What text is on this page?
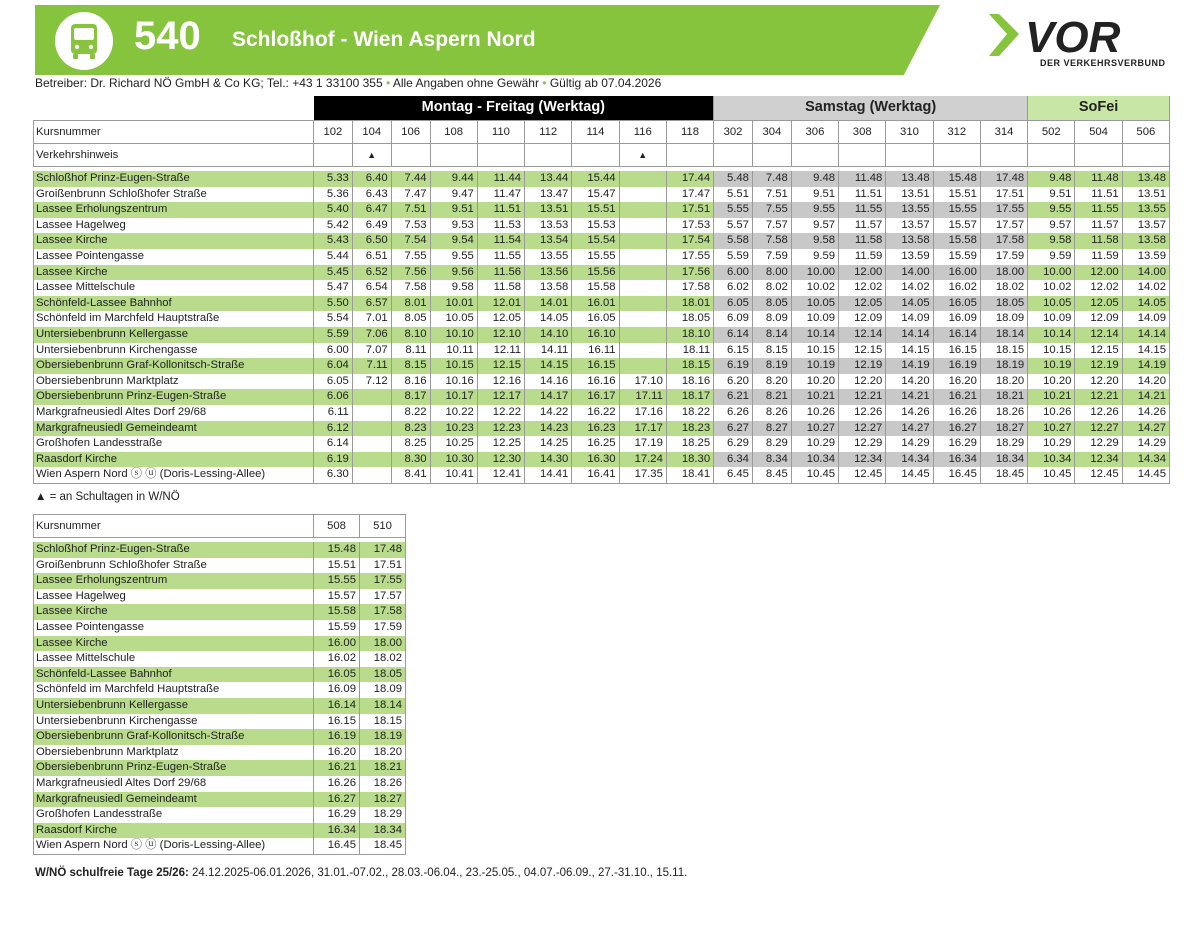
540 Schloßhof - Wien Aspern Nord	VOR
DER VERKEHRSVERBUND
Betreiber: Dr. Richard NÖ GmbH & Co KG; Tel.: +43 1 33100 355 • Alle Angaben ohne Gewähr • Gültig ab 07.04.2026
	Montag - Freitag (Werktag)									Samstag (Werktag)							SoFei		
Kursnummer	102	104	106	108	110	112	114	116	118	302	304	306	308	310	312	314	502	504	506
Verkehrshinweis		▲						▲											

Schloßhof Prinz-Eugen-Straße	5.33	6.40	7.44	9.44	11.44	13.44	15.44		17.44	5.48	7.48	9.48	11.48	13.48	15.48	17.48	9.48	11.48	13.48
Groißenbrunn Schloßhofer Straße	5.36	6.43	7.47	9.47	11.47	13.47	15.47		17.47	5.51	7.51	9.51	11.51	13.51	15.51	17.51	9.51	11.51	13.51
Lassee Erholungszentrum	5.40	6.47	7.51	9.51	11.51	13.51	15.51		17.51	5.55	7.55	9.55	11.55	13.55	15.55	17.55	9.55	11.55	13.55
Lassee Hagelweg	5.42	6.49	7.53	9.53	11.53	13.53	15.53		17.53	5.57	7.57	9.57	11.57	13.57	15.57	17.57	9.57	11.57	13.57
Lassee Kirche	5.43	6.50	7.54	9.54	11.54	13.54	15.54		17.54	5.58	7.58	9.58	11.58	13.58	15.58	17.58	9.58	11.58	13.58
Lassee Pointengasse	5.44	6.51	7.55	9.55	11.55	13.55	15.55		17.55	5.59	7.59	9.59	11.59	13.59	15.59	17.59	9.59	11.59	13.59
Lassee Kirche	5.45	6.52	7.56	9.56	11.56	13.56	15.56		17.56	6.00	8.00	10.00	12.00	14.00	16.00	18.00	10.00	12.00	14.00
Lassee Mittelschule	5.47	6.54	7.58	9.58	11.58	13.58	15.58		17.58	6.02	8.02	10.02	12.02	14.02	16.02	18.02	10.02	12.02	14.02
Schönfeld-Lassee Bahnhof	5.50	6.57	8.01	10.01	12.01	14.01	16.01		18.01	6.05	8.05	10.05	12.05	14.05	16.05	18.05	10.05	12.05	14.05
Schönfeld im Marchfeld Hauptstraße	5.54	7.01	8.05	10.05	12.05	14.05	16.05		18.05	6.09	8.09	10.09	12.09	14.09	16.09	18.09	10.09	12.09	14.09
Untersiebenbrunn Kellergasse	5.59	7.06	8.10	10.10	12.10	14.10	16.10		18.10	6.14	8.14	10.14	12.14	14.14	16.14	18.14	10.14	12.14	14.14
Untersiebenbrunn Kirchengasse	6.00	7.07	8.11	10.11	12.11	14.11	16.11		18.11	6.15	8.15	10.15	12.15	14.15	16.15	18.15	10.15	12.15	14.15
Obersiebenbrunn Graf-Kollonitsch-Straße	6.04	7.11	8.15	10.15	12.15	14.15	16.15		18.15	6.19	8.19	10.19	12.19	14.19	16.19	18.19	10.19	12.19	14.19
Obersiebenbrunn Marktplatz	6.05	7.12	8.16	10.16	12.16	14.16	16.16	17.10	18.16	6.20	8.20	10.20	12.20	14.20	16.20	18.20	10.20	12.20	14.20
Obersiebenbrunn Prinz-Eugen-Straße	6.06		8.17	10.17	12.17	14.17	16.17	17.11	18.17	6.21	8.21	10.21	12.21	14.21	16.21	18.21	10.21	12.21	14.21
Markgrafneusiedl Altes Dorf 29/68	6.11		8.22	10.22	12.22	14.22	16.22	17.16	18.22	6.26	8.26	10.26	12.26	14.26	16.26	18.26	10.26	12.26	14.26
Markgrafneusiedl Gemeindeamt	6.12		8.23	10.23	12.23	14.23	16.23	17.17	18.23	6.27	8.27	10.27	12.27	14.27	16.27	18.27	10.27	12.27	14.27
Großhofen Landesstraße	6.14		8.25	10.25	12.25	14.25	16.25	17.19	18.25	6.29	8.29	10.29	12.29	14.29	16.29	18.29	10.29	12.29	14.29
Raasdorf Kirche	6.19		8.30	10.30	12.30	14.30	16.30	17.24	18.30	6.34	8.34	10.34	12.34	14.34	16.34	18.34	10.34	12.34	14.34
Wien Aspern Nord ⓢ ⓤ (Doris-Lessing-Allee)	6.30		8.41	10.41	12.41	14.41	16.41	17.35	18.41	6.45	8.45	10.45	12.45	14.45	16.45	18.45	10.45	12.45	14.45
▲ = an Schultagen in W/NÖ
Kursnummer	508	510

Schloßhof Prinz-Eugen-Straße	15.48	17.48
Groißenbrunn Schloßhofer Straße	15.51	17.51
Lassee Erholungszentrum	15.55	17.55
Lassee Hagelweg	15.57	17.57
Lassee Kirche	15.58	17.58
Lassee Pointengasse	15.59	17.59
Lassee Kirche	16.00	18.00
Lassee Mittelschule	16.02	18.02
Schönfeld-Lassee Bahnhof	16.05	18.05
Schönfeld im Marchfeld Hauptstraße	16.09	18.09
Untersiebenbrunn Kellergasse	16.14	18.14
Untersiebenbrunn Kirchengasse	16.15	18.15
Obersiebenbrunn Graf-Kollonitsch-Straße	16.19	18.19
Obersiebenbrunn Marktplatz	16.20	18.20
Obersiebenbrunn Prinz-Eugen-Straße	16.21	18.21
Markgrafneusiedl Altes Dorf 29/68	16.26	18.26
Markgrafneusiedl Gemeindeamt	16.27	18.27
Großhofen Landesstraße	16.29	18.29
Raasdorf Kirche	16.34	18.34
Wien Aspern Nord ⓢ ⓤ (Doris-Lessing-Allee)	16.45	18.45
W/NÖ schulfreie Tage 25/26: 24.12.2025-06.01.2026, 31.01.-07.02., 28.03.-06.04., 23.-25.05., 04.07.-06.09., 27.-31.10., 15.11.
